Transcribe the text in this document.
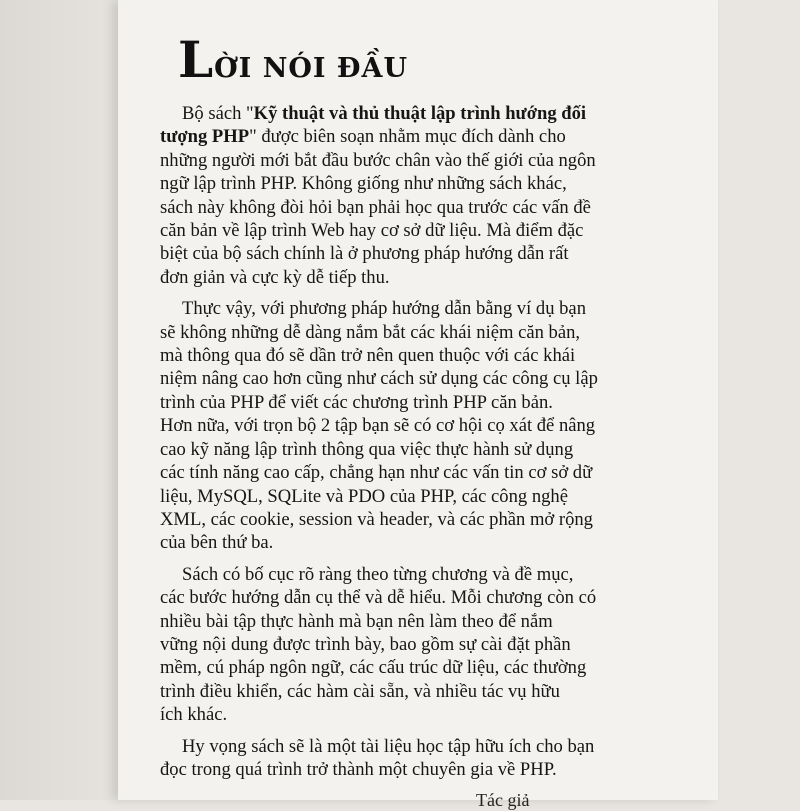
LỜI NÓI ĐẦU
Bộ sách "Kỹ thuật và thủ thuật lập trình hướng đối
tượng PHP" được biên soạn nhằm mục đích dành cho
những người mới bắt đầu bước chân vào thế giới của ngôn
ngữ lập trình PHP. Không giống như những sách khác,
sách này không đòi hỏi bạn phải học qua trước các vấn đề
căn bản về lập trình Web hay cơ sở dữ liệu. Mà điểm đặc
biệt của bộ sách chính là ở phương pháp hướng dẫn rất
đơn giản và cực kỳ dễ tiếp thu.
Thực vậy, với phương pháp hướng dẫn bằng ví dụ bạn
sẽ không những dễ dàng nắm bắt các khái niệm căn bản,
mà thông qua đó sẽ dần trở nên quen thuộc với các khái
niệm nâng cao hơn cũng như cách sử dụng các công cụ lập
trình của PHP để viết các chương trình PHP căn bản.
Hơn nữa, với trọn bộ 2 tập bạn sẽ có cơ hội cọ xát để nâng
cao kỹ năng lập trình thông qua việc thực hành sử dụng
các tính năng cao cấp, chẳng hạn như các vấn tin cơ sở dữ
liệu, MySQL, SQLite và PDO của PHP, các công nghệ
XML, các cookie, session và header, và các phần mở rộng
của bên thứ ba.
Sách có bố cục rõ ràng theo từng chương và đề mục,
các bước hướng dẫn cụ thể và dễ hiểu. Mỗi chương còn có
nhiều bài tập thực hành mà bạn nên làm theo để nắm
vững nội dung được trình bày, bao gồm sự cài đặt phần
mềm, cú pháp ngôn ngữ, các cấu trúc dữ liệu, các thường
trình điều khiển, các hàm cài sẵn, và nhiều tác vụ hữu
ích khác.
Hy vọng sách sẽ là một tài liệu học tập hữu ích cho bạn
đọc trong quá trình trở thành một chuyên gia về PHP.
Tác giả
